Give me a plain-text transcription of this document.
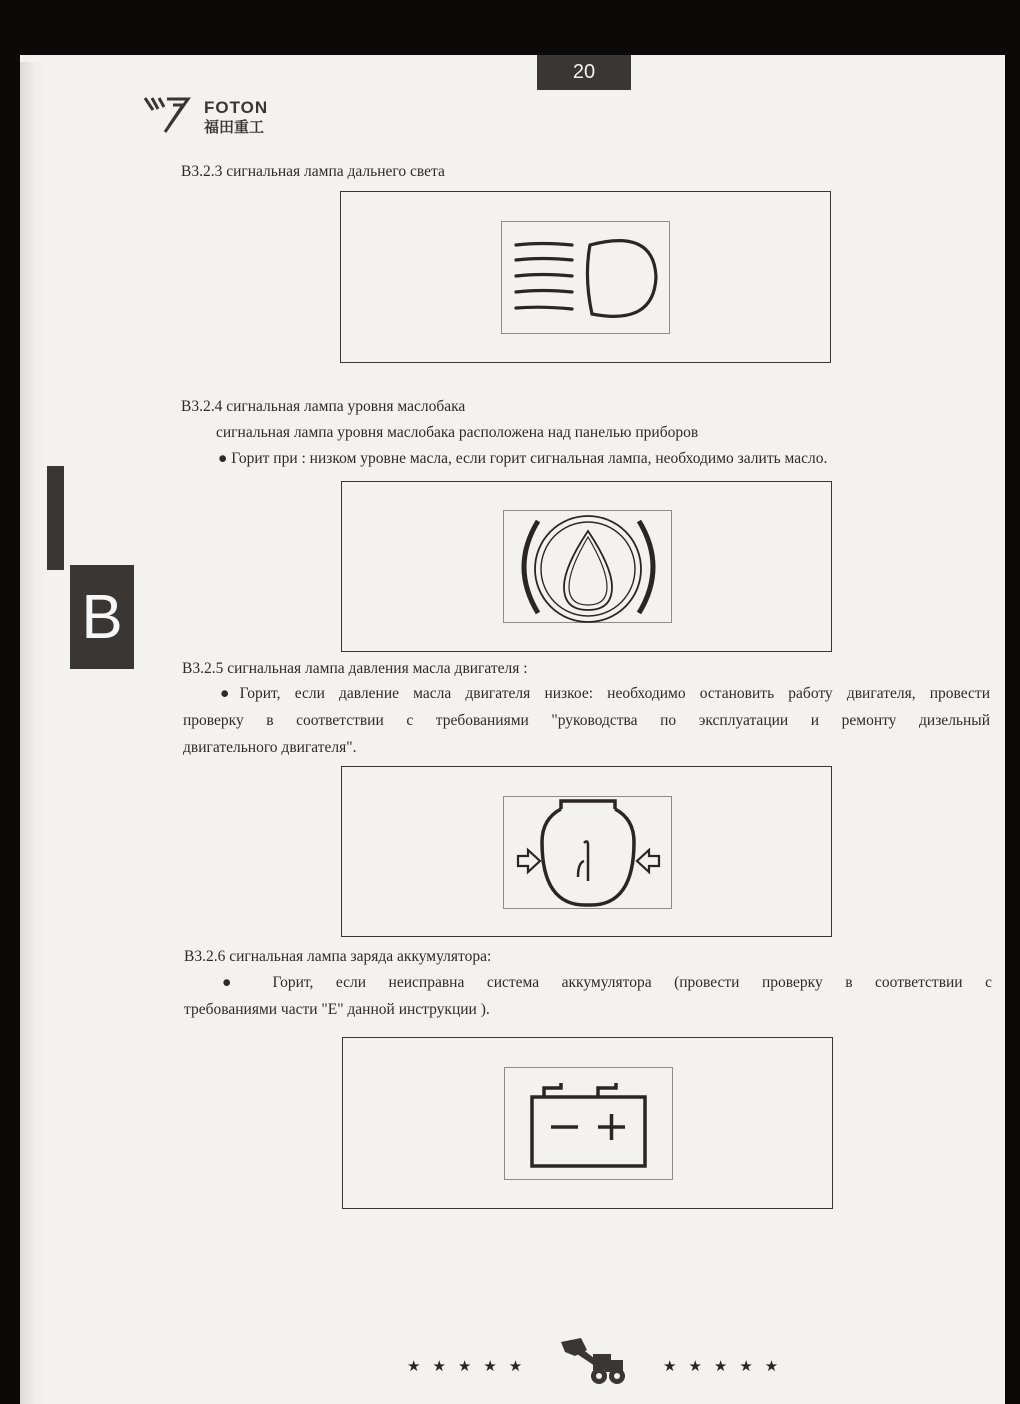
20
FOTON
福田重工
B3.2.3 сигнальная лампа дальнего света
B3.2.4 сигнальная лампа уровня маслобака
сигнальная лампа уровня маслобака расположена над панелью приборов
● Горит при : низком уровне масла, если горит сигнальная лампа, необходимо залить масло.
B3.2.5 сигнальная лампа давления масла двигателя :
●Горит, если давление масла двигателя низкое: необходимо остановить работу двигателя, провести
проверку в соответствии с требованиями "руководства по эксплуатации и ремонту дизельный
двигательного двигателя".
B3.2.6 сигнальная лампа заряда аккумулятора:
● Горит, если неисправна система аккумулятора (провести проверку в соответствии с
требованиями части "E" данной инструкции ).
B
★★★★★	★★★★★
